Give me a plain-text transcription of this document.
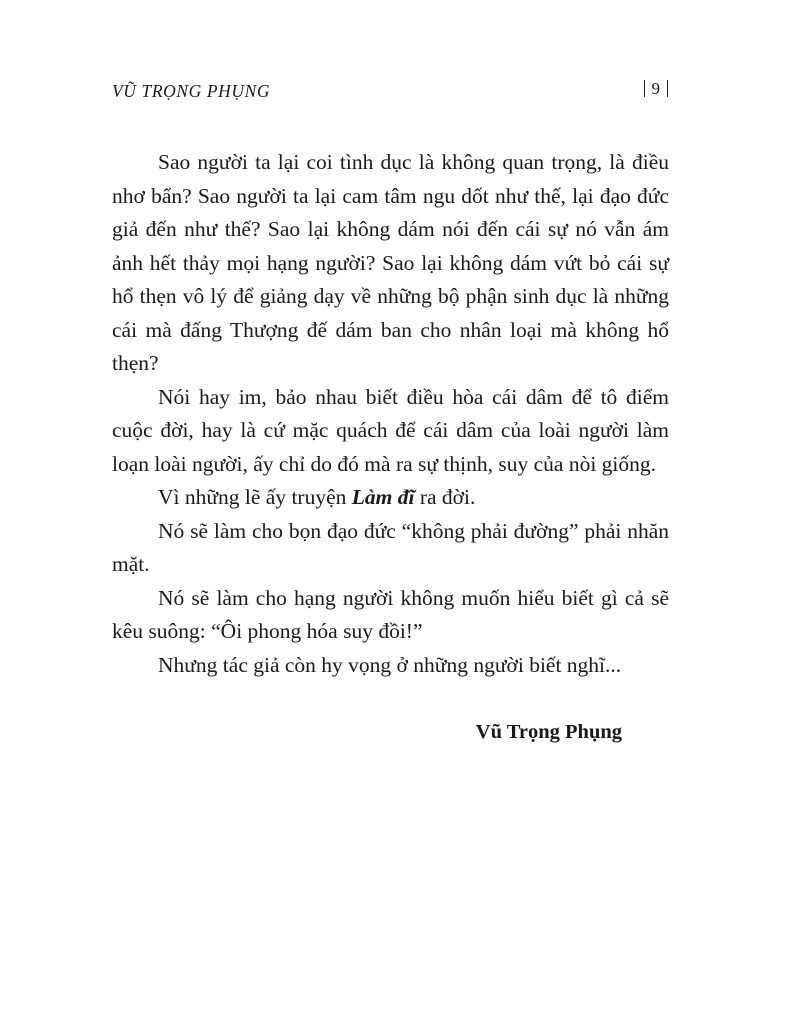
VŨ TRỌNG PHỤNG	9

Sao người ta lại coi tình dục là không quan trọng, là điều nhơ bẩn? Sao người ta lại cam tâm ngu dốt như thế, lại đạo đức giả đến như thế? Sao lại không dám nói đến cái sự nó vẫn ám ảnh hết thảy mọi hạng người? Sao lại không dám vứt bỏ cái sự hổ thẹn vô lý để giảng dạy về những bộ phận sinh dục là những cái mà đấng Thượng đế dám ban cho nhân loại mà không hổ thẹn?

Nói hay im, bảo nhau biết điều hòa cái dâm để tô điểm cuộc đời, hay là cứ mặc quách để cái dâm của loài người làm loạn loài người, ấy chỉ do đó mà ra sự thịnh, suy của nòi giống.

Vì những lẽ ấy truyện Làm đĩ ra đời.

Nó sẽ làm cho bọn đạo đức “không phải đường” phải nhăn mặt.

Nó sẽ làm cho hạng người không muốn hiểu biết gì cả sẽ kêu suông: “Ôi phong hóa suy đồi!”

Nhưng tác giả còn hy vọng ở những người biết nghĩ...

Vũ Trọng Phụng
